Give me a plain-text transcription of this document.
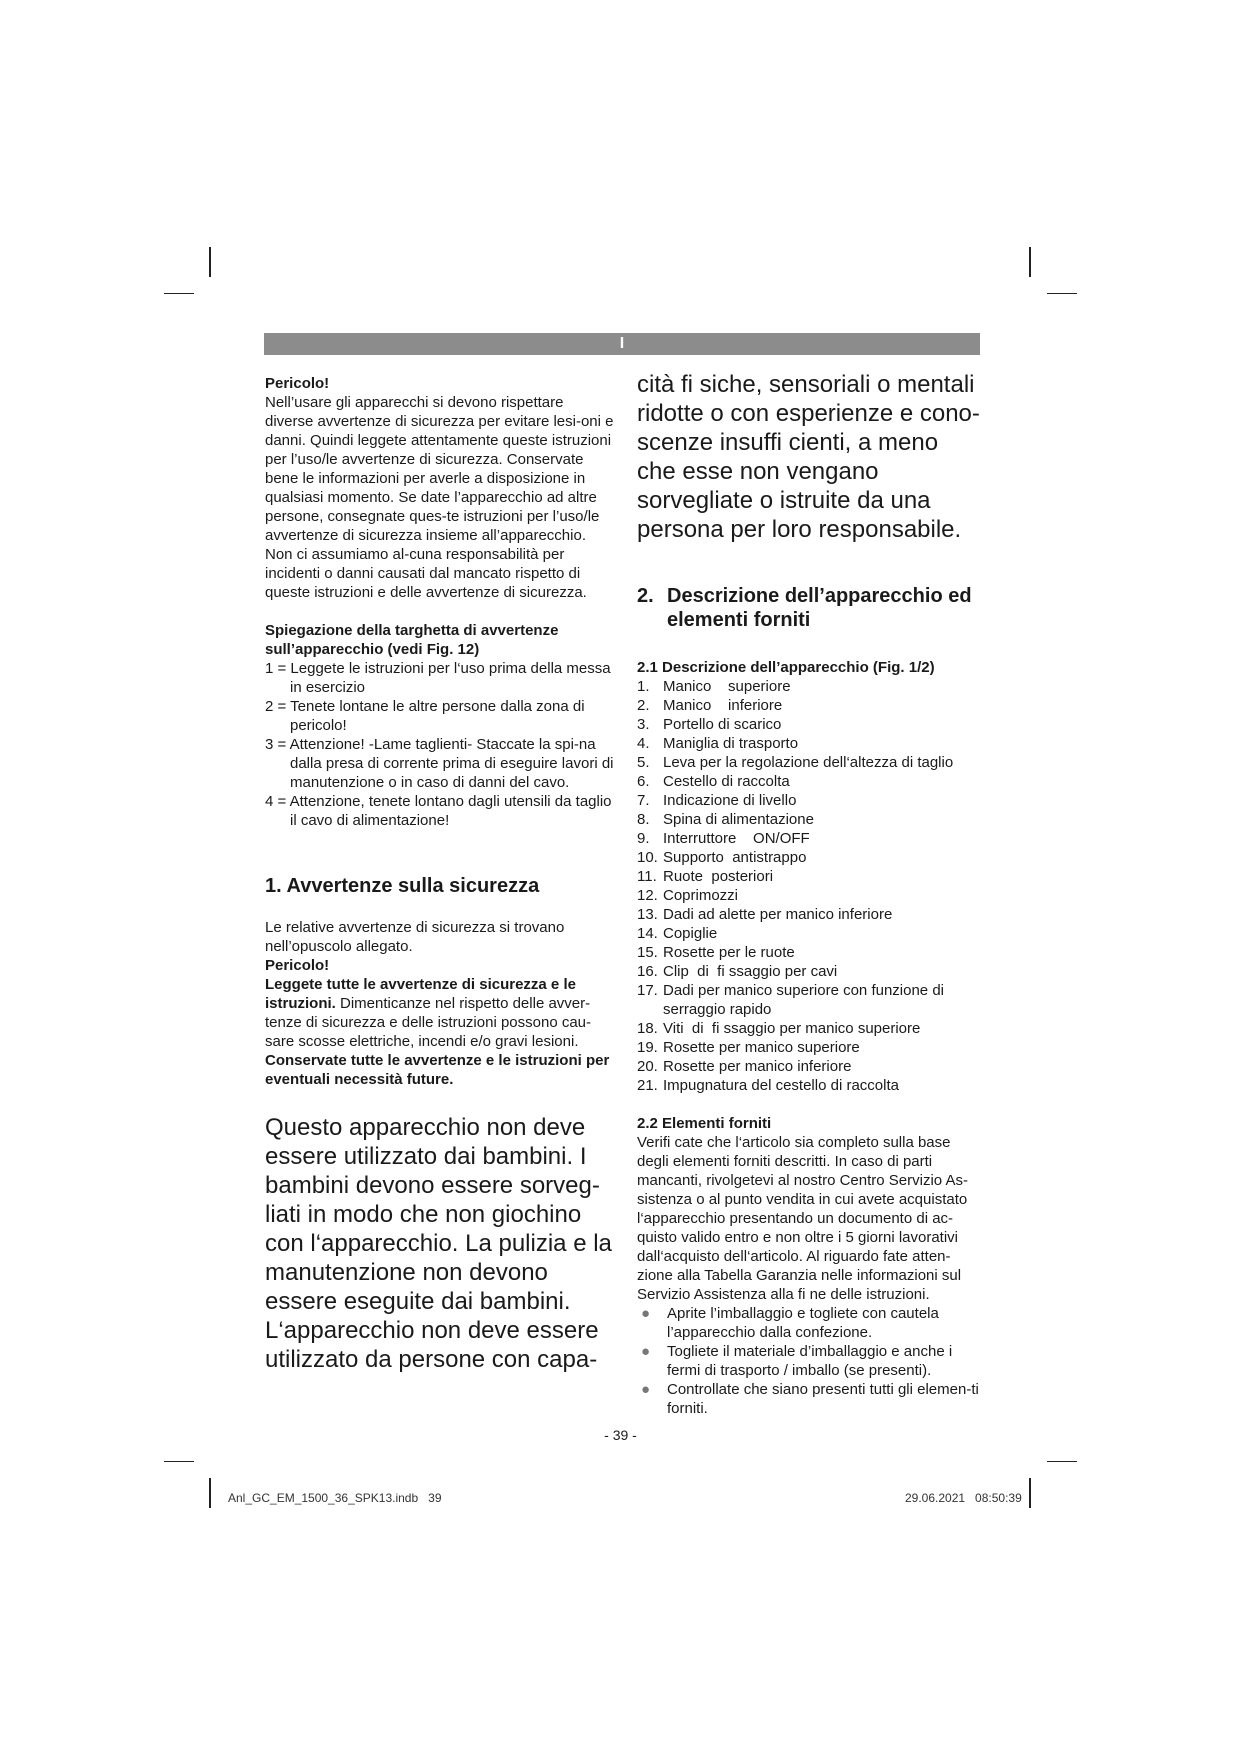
I

Pericolo!

Nell’usare gli apparecchi si devono rispettare diverse avvertenze di sicurezza per evitare lesi-oni e danni. Quindi leggete attentamente queste istruzioni per l’uso/le avvertenze di sicurezza. Conservate bene le informazioni per averle a disposizione in qualsiasi momento. Se date l’apparecchio ad altre persone, consegnate ques-te istruzioni per l’uso/le avvertenze di sicurezza insieme all’apparecchio. Non ci assumiamo al-cuna responsabilità per incidenti o danni causati dal mancato rispetto di queste istruzioni e delle avvertenze di sicurezza.

Spiegazione della targhetta di avvertenze sull’apparecchio (vedi Fig. 12)

1 = Leggete le istruzioni per l‘uso prima della messa in esercizio
2 = Tenete lontane le altre persone dalla zona di pericolo!
3 = Attenzione! -Lame taglienti- Staccate la spi-na dalla presa di corrente prima di eseguire lavori di manutenzione o in caso di danni del cavo.
4 = Attenzione, tenete lontano dagli utensili da taglio il cavo di alimentazione!

1. Avvertenze sulla sicurezza

Le relative avvertenze di sicurezza si trovano nell’opuscolo allegato.

Pericolo!

Leggete tutte le avvertenze di sicurezza e le istruzioni. Dimenticanze nel rispetto delle avver-tenze di sicurezza e delle istruzioni possono cau-sare scosse elettriche, incendi e/o gravi lesioni.

Conservate tutte le avvertenze e le istruzioni per eventuali necessità future.

Questo apparecchio non deve essere utilizzato dai bambini. I bambini devono essere sorveg-liati in modo che non giochino con l‘apparecchio. La pulizia e la manutenzione non devono essere eseguite dai bambini. L‘apparecchio non deve essere utilizzato da persone con capa-

cità fi siche, sensoriali o mentali ridotte o con esperienze e cono-scenze insuffi cienti, a meno che esse non vengano sorvegliate o istruite da una persona per loro responsabile.

2. Descrizione dell’apparecchio ed elementi forniti

2.1 Descrizione dell’apparecchio (Fig. 1/2)

1. Manico    superiore
2. Manico    inferiore
3. Portello di scarico
4. Maniglia di trasporto
5. Leva per la regolazione dell‘altezza di taglio
6. Cestello di raccolta
7. Indicazione di livello
8. Spina di alimentazione
9. Interruttore    ON/OFF
10. Supporto  antistrappo
11. Ruote  posteriori
12. Coprimozzi
13. Dadi ad alette per manico inferiore
14. Copiglie
15. Rosette per le ruote
16. Clip  di  fi ssaggio per cavi
17. Dadi per manico superiore con funzione di serraggio rapido
18. Viti  di  fi ssaggio per manico superiore
19. Rosette per manico superiore
20. Rosette per manico inferiore
21. Impugnatura del cestello di raccolta

2.2 Elementi forniti

Verifi cate che l‘articolo sia completo sulla base degli elementi forniti descritti. In caso di parti mancanti, rivolgetevi al nostro Centro Servizio As-sistenza o al punto vendita in cui avete acquistato l‘apparecchio presentando un documento di ac-quisto valido entro e non oltre i 5 giorni lavorativi dall‘acquisto dell‘articolo. Al riguardo fate atten-zione alla Tabella Garanzia nelle informazioni sul Servizio Assistenza alla fi ne delle istruzioni.

●	Aprite l’imballaggio e togliete con cautela l’apparecchio dalla confezione.
●	Togliete il materiale d’imballaggio e anche i fermi di trasporto / imballo (se presenti).
●	Controllate che siano presenti tutti gli elemen-ti forniti.
- 39 -
Anl_GC_EM_1500_36_SPK13.indb   39	29.06.2021   08:50:39
